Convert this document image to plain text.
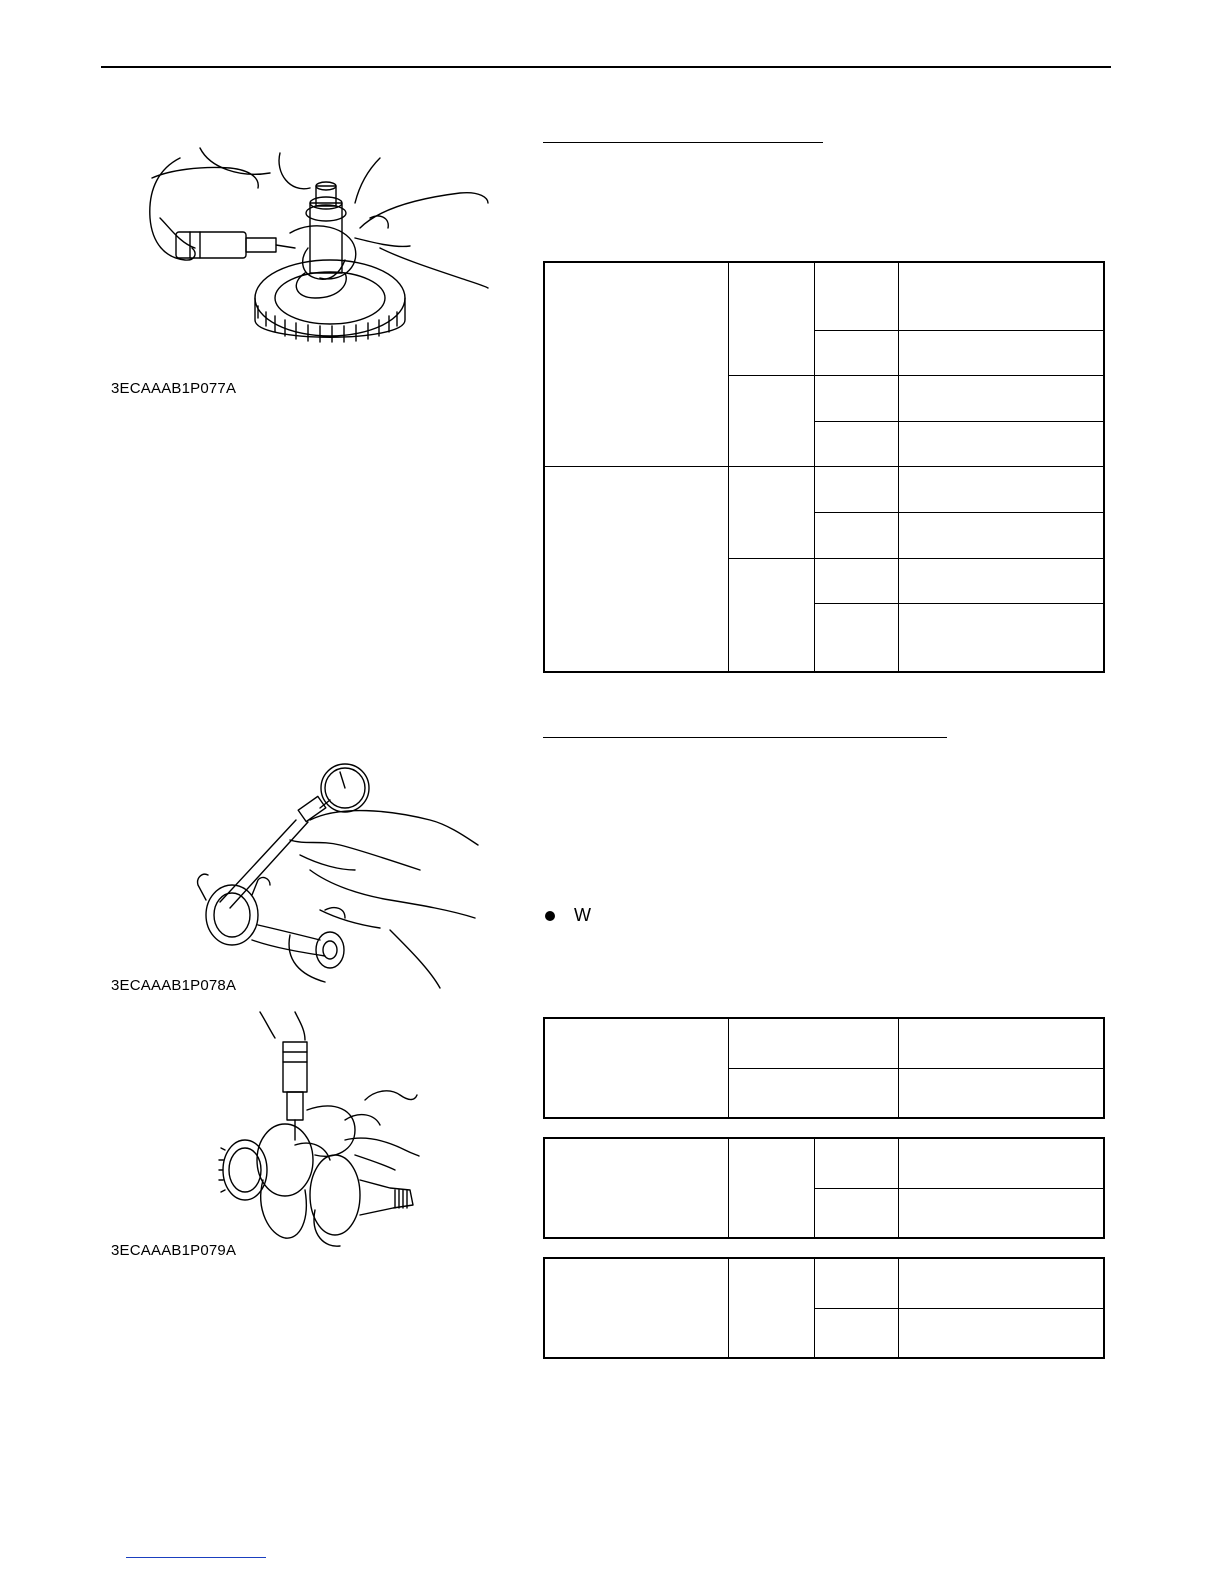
3ECAAAB1P077A
3ECAAAB1P078A
3ECAAAB1P079A

W
